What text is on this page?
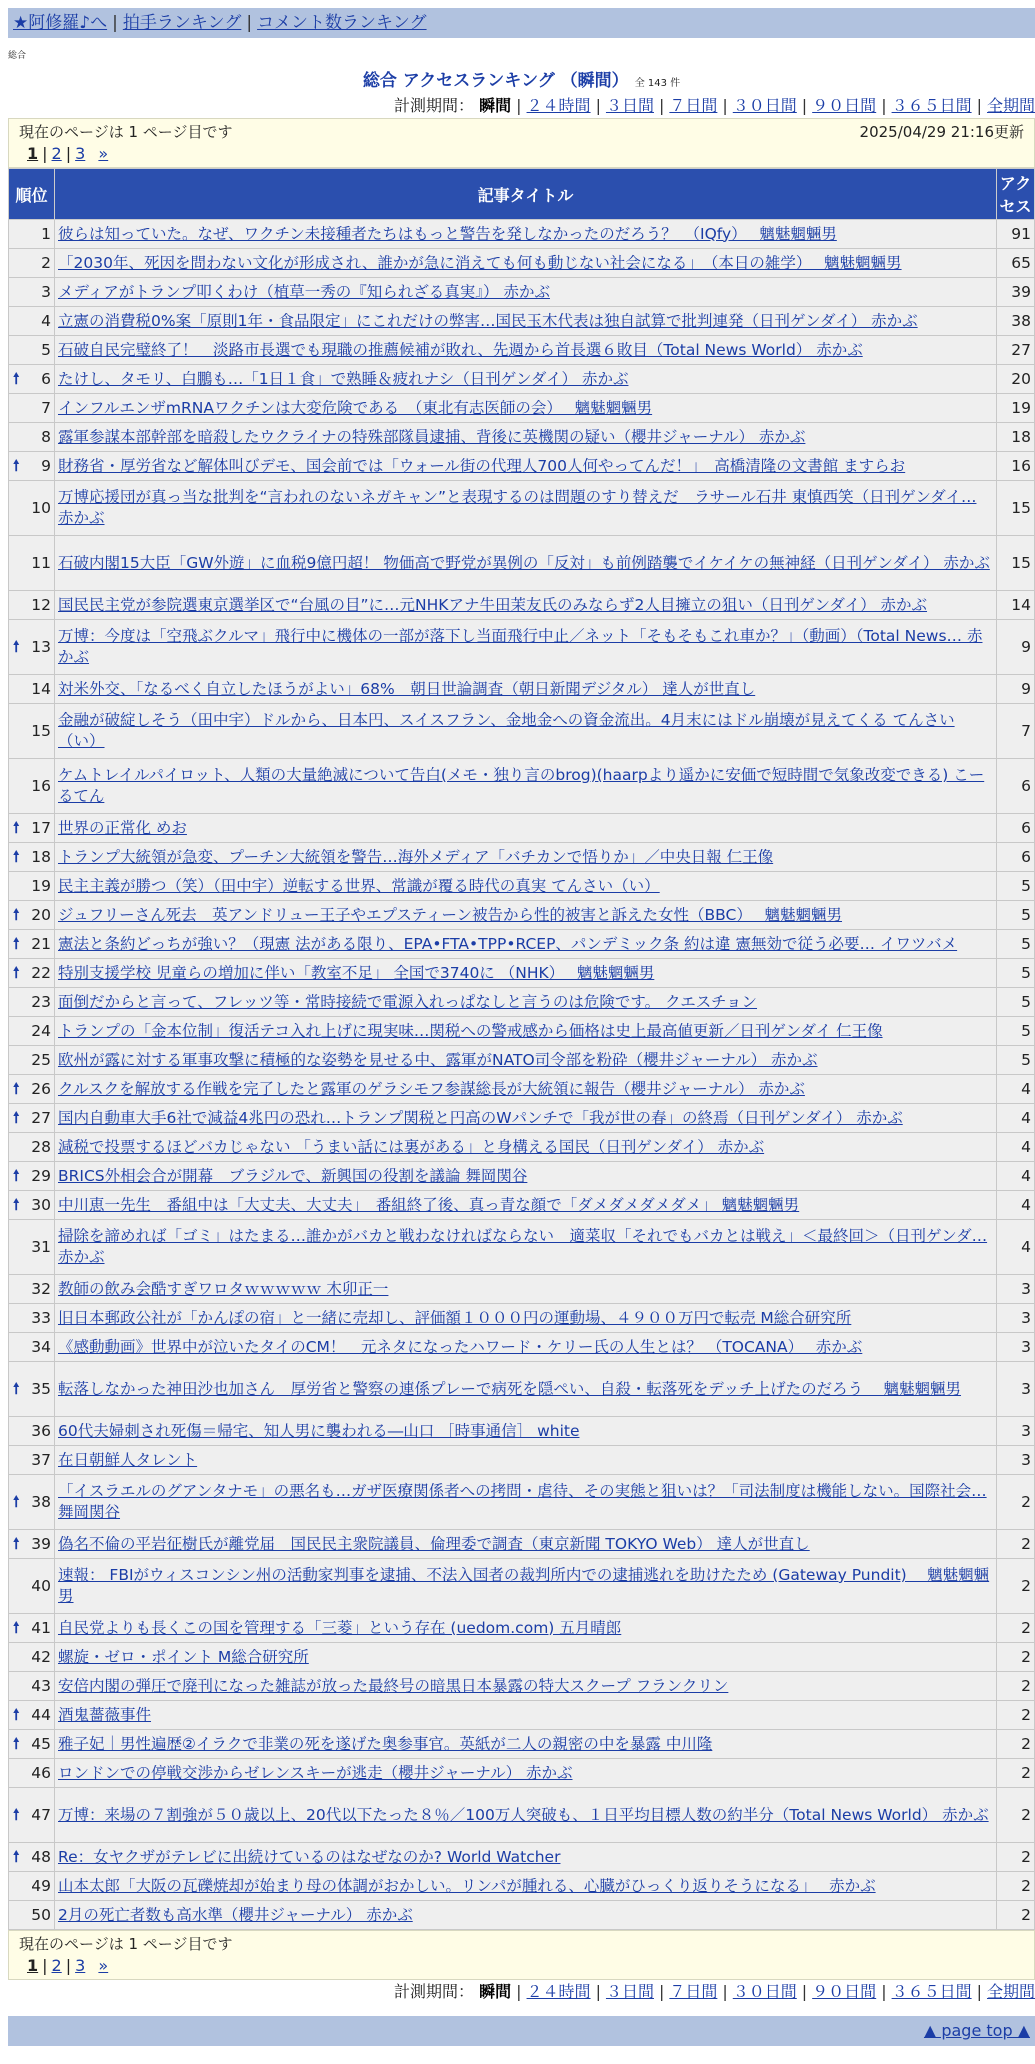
★阿修羅♪へ | 拍手ランキング | コメント数ランキング
総合
総合 アクセスランキング （瞬間） 全 143 件
計測期間： 瞬間 | ２４時間 | ３日間 | ７日間 | ３０日間 | ９０日間 | ３６５日間 | 全期間
現在のページは 1 ページ目です	2025/04/29 21:16更新
1 | 2 | 3 »
順位	記事タイトル	アクセス
1	彼らは知っていた。なぜ、ワクチン未接種者たちはもっと警告を発しなかったのだろう？　（IQfy）　 魑魅魍魎男	91
2	「2030年、死因を問わない文化が形成され、誰かが急に消えても何も動じない社会になる」　（本日の雑学）　 魑魅魍魎男	65
3	メディアがトランプ叩くわけ（植草一秀の『知られざる真実』） 赤かぶ	39
4	立憲の消費税0%案「原則1年・食品限定」にこれだけの弊害…国民玉木代表は独自試算で批判連発（日刊ゲンダイ） 赤かぶ	38
5	石破自民完璧終了！　淡路市長選でも現職の推薦候補が敗れ、先週から首長選６敗目（Total News World） 赤かぶ	27

🠕 6	たけし、タモリ、白鵬も…「1日１食」で熟睡＆疲れナシ（日刊ゲンダイ） 赤かぶ	20
7	インフルエンザmRNAワクチンは大変危険である　（東北有志医師の会）　 魑魅魍魎男	19
8	露軍参謀本部幹部を暗殺したウクライナの特殊部隊員逮捕、背後に英機関の疑い（櫻井ジャーナル） 赤かぶ	18

🠕 9	財務省・厚労省など解体叫びデモ、国会前では「ウォール街の代理人700人何やってんだ！」　高橋清隆の文書館 ますらお	16
10	万博応援団が真っ当な批判を“言われのないネガキャン”と表現するのは問題のすり替えだ　ラサール石井 東慎西笑（日刊ゲンダイ… 赤かぶ	15
11	石破内閣15大臣「GW外遊」に血税9億円超！ 物価高で野党が異例の「反対」も前例踏襲でイケイケの無神経（日刊ゲンダイ） 赤かぶ	15
12	国民民主党が参院選東京選挙区で“台風の目”に…元NHKアナ牛田茉友氏のみならず2人目擁立の狙い（日刊ゲンダイ） 赤かぶ	14

🠕 13	万博：今度は「空飛ぶクルマ」飛行中に機体の一部が落下し当面飛行中止／ネット「そもそもこれ車か？」（動画）（Total News… 赤かぶ	9
14	対米外交、「なるべく自立したほうがよい」68%　朝日世論調査（朝日新聞デジタル） 達人が世直し	9
15	金融が破綻しそう（田中宇）ドルから、日本円、スイスフラン、金地金への資金流出。4月末にはドル崩壊が見えてくる てんさい（い）	7
16	ケムトレイルパイロット、人類の大量絶滅について告白(メモ・独り言のbrog)(haarpより遥かに安価で短時間で気象改変できる) こーるてん	6

🠕 17	世界の正常化 めお	6

🠕 18	トランプ大統領が急変、プーチン大統領を警告…海外メディア「バチカンで悟りか」／中央日報 仁王像	6
19	民主主義が勝つ（笑）（田中宇）逆転する世界、常識が覆る時代の真実 てんさい（い）	5

🠕 20	ジュフリーさん死去　英アンドリュー王子やエプスティーン被告から性的被害と訴えた女性（BBC）　 魑魅魍魎男	5

🠕 21	憲法と条約どっちが強い？（現憲 法がある限り、EPA•FTA•TPP•RCEP、パンデミック条 約は違 憲無効で従う必要… イワツバメ	5

🠕 22	特別支援学校 児童らの増加に伴い「教室不足」 全国で3740に （NHK）　 魑魅魍魎男	5
23	面倒だからと言って、フレッツ等・常時接続で電源入れっぱなしと言うのは危険です。 クエスチョン	5
24	トランプの「金本位制」復活テコ入れ上げに現実味…関税への警戒感から価格は史上最高値更新／日刊ゲンダイ 仁王像	5
25	欧州が露に対する軍事攻撃に積極的な姿勢を見せる中、露軍がNATO司令部を粉砕（櫻井ジャーナル） 赤かぶ	5

🠕 26	クルスクを解放する作戦を完了したと露軍のゲラシモフ参謀総長が大統領に報告（櫻井ジャーナル） 赤かぶ	4

🠕 27	国内自動車大手6社で減益4兆円の恐れ…トランプ関税と円高のWパンチで「我が世の春」の終焉（日刊ゲンダイ） 赤かぶ	4
28	減税で投票するほどバカじゃない 「うまい話には裏がある」と身構える国民（日刊ゲンダイ） 赤かぶ	4

🠕 29	BRICS外相会合が開幕　ブラジルで、新興国の役割を議論 舞岡関谷	4

🠕 30	中川恵一先生　番組中は「大丈夫、大丈夫」　番組終了後、真っ青な顔で「ダメダメダメダメ」 魑魅魍魎男	4
31	掃除を諦めれば「ゴミ」はたまる…誰かがバカと戦わなければならない　適菜収「それでもバカとは戦え」＜最終回＞（日刊ゲンダ… 赤かぶ	4
32	教師の飲み会酷すぎワロタｗｗｗｗｗ 木卯正一	3
33	旧日本郵政公社が「かんぽの宿」と一緒に売却し、評価額１０００円の運動場、４９００万円で転売 M総合研究所	3
34	《感動動画》世界中が泣いたタイのCM！　元ネタになったハワード・ケリー氏の人生とは？ （TOCANA）　 赤かぶ	3

🠕 35	転落しなかった神田沙也加さん　厚労省と警察の連係プレーで病死を隠ぺい、自殺・転落死をデッチ上げたのだろう　 魑魅魍魎男	3
36	60代夫婦刺され死傷＝帰宅、知人男に襲われる―山口 ［時事通信］ white	3
37	在日朝鮮人タレント	3

🠕 38	「イスラエルのグアンタナモ」の悪名も…ガザ医療関係者への拷問・虐待、その実態と狙いは？「司法制度は機能しない。国際社会… 舞岡関谷	2

🠕 39	偽名不倫の平岩征樹氏が離党届　国民民主衆院議員、倫理委で調査（東京新聞 TOKYO Web） 達人が世直し	2
40	速報： FBIがウィスコンシン州の活動家判事を逮捕、不法入国者の裁判所内での逮捕逃れを助けたため (Gateway Pundit)　 魑魅魍魎男	2

🠕 41	自民党よりも長くこの国を管理する「三菱」という存在 (uedom.com) 五月晴郎	2
42	螺旋・ゼロ・ポイント M総合研究所	2
43	安倍内閣の弾圧で廃刊になった雑誌が放った最終号の暗黒日本暴露の特大スクープ フランクリン	2

🠕 44	酒鬼薔薇事件	2

🠕 45	雅子妃｜男性遍歴②イラクで非業の死を遂げた奥参事官。英紙が二人の親密の中を暴露 中川隆	2
46	ロンドンでの停戦交渉からゼレンスキーが逃走（櫻井ジャーナル） 赤かぶ	2

🠕 47	万博：来場の７割強が５０歳以上、20代以下たった８％／100万人突破も、１日平均目標人数の約半分（Total News World） 赤かぶ	2

🠕 48	Re：女ヤクザがテレビに出続けているのはなぜなのか? World Watcher	2
49	山本太郎「大阪の瓦礫焼却が始まり母の体調がおかしい。リンパが腫れる、心臓がひっくり返りそうになる」　 赤かぶ	2
50	2月の死亡者数も高水準（櫻井ジャーナル） 赤かぶ	2
現在のページは 1 ページ目です
1 | 2 | 3 »
計測期間： 瞬間 | ２４時間 | ３日間 | ７日間 | ３０日間 | ９０日間 | ３６５日間 | 全期間
▲ page top ▲
